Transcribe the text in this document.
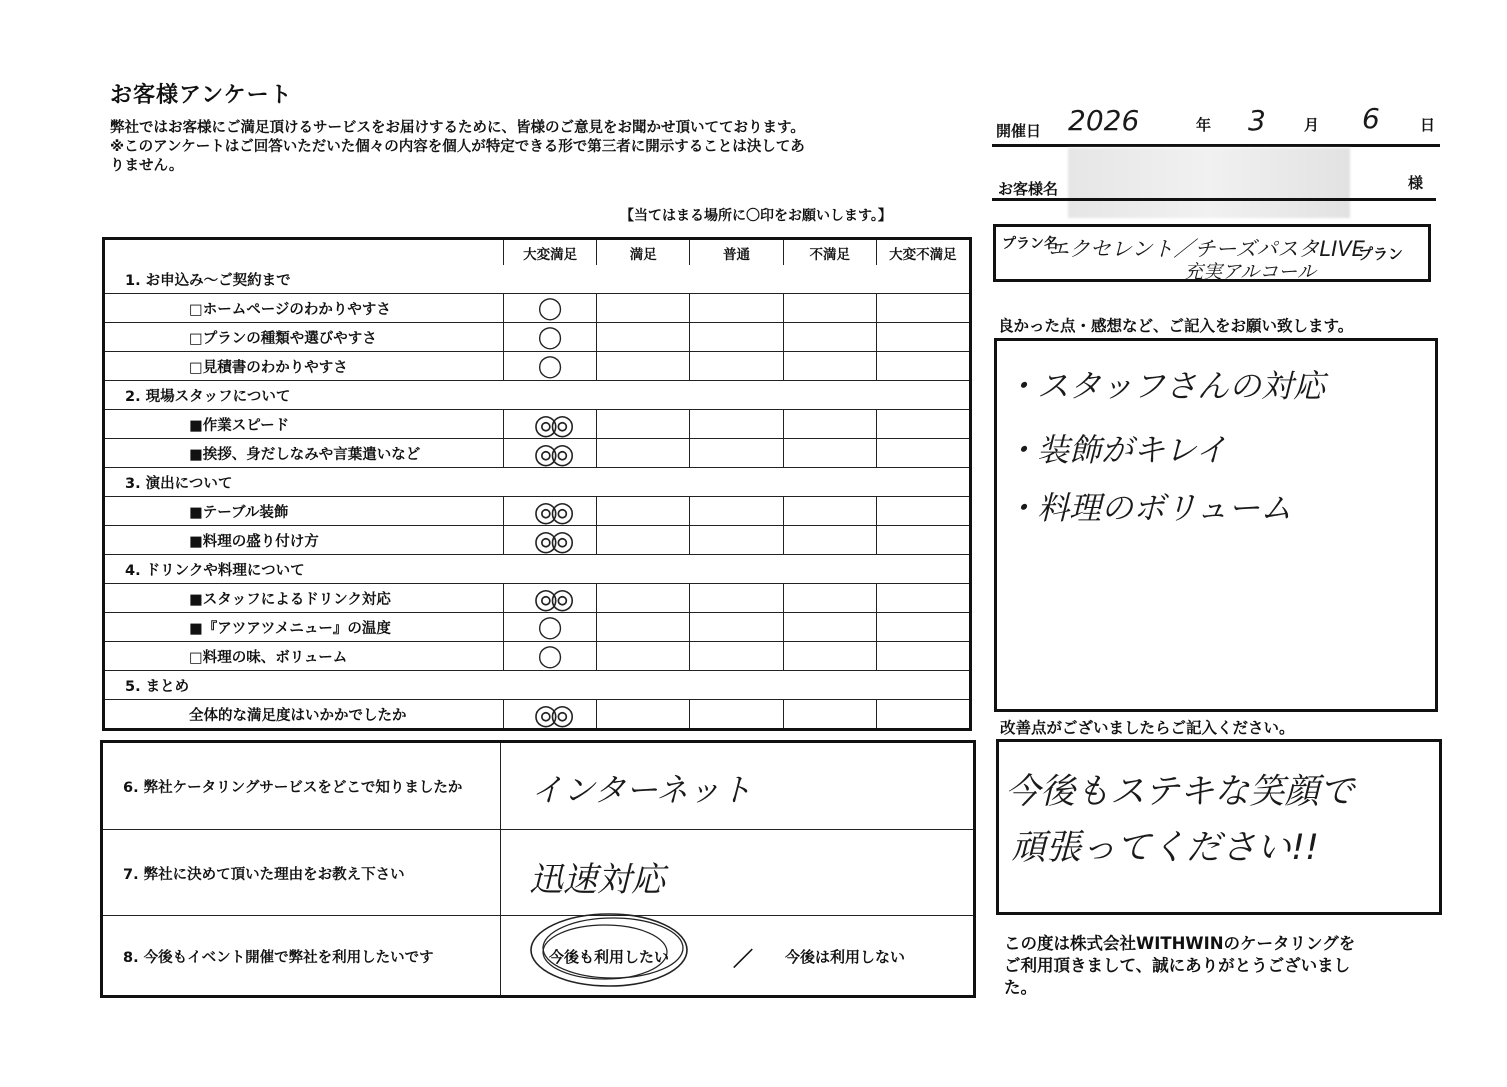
お客様アンケート
弊社ではお客様にご満足頂けるサービスをお届けするために、皆様のご意見をお聞かせ頂いてております。
※このアンケートはご回答いただいた個々の内容を個人が特定できる形で第三者に開示することは決してあ
りません。
【当てはまる場所に〇印をお願いします。】
大変満足	満足	普通	不満足	大変不満足
1. お申込み～ご契約まで
□ホームページのわかりやすさ	◯
□プランの種類や選びやすさ	◯
□見積書のわかりやすさ	◯
2. 現場スタッフについて
■作業スピード	◎◎
■挨拶、身だしなみや言葉遣いなど	◎◎
3. 演出について
■テーブル装飾	◎◎
■料理の盛り付け方	◎◎
4. ドリンクや料理について
■スタッフによるドリンク対応	◎◎
■『アツアツメニュー』の温度	◯
□料理の味、ボリューム	◯
5. まとめ
全体的な満足度はいかかでしたか	◎◎
6. 弊社ケータリングサービスをどこで知りましたか	インターネット
7. 弊社に決めて頂いた理由をお教え下さい	迅速対応
8. 今後もイベント開催で弊社を利用したいです	今後も利用したい	／ 今後は利用しない
開催日 2026	年 3	月 6	日
お客様名	様
プラン名
エクセレント／チーズパスタLIVE
充実アルコール
プラン
良かった点・感想など、ご記入をお願い致します。
・スタッフさんの対応
・装飾がキレイ
・料理のボリューム
改善点がございましたらご記入ください。
今後もステキな笑顔で
頑張ってください!!
この度は株式会社WITHWINのケータリングを
ご利用頂きまして、誠にありがとうございまし
た。
